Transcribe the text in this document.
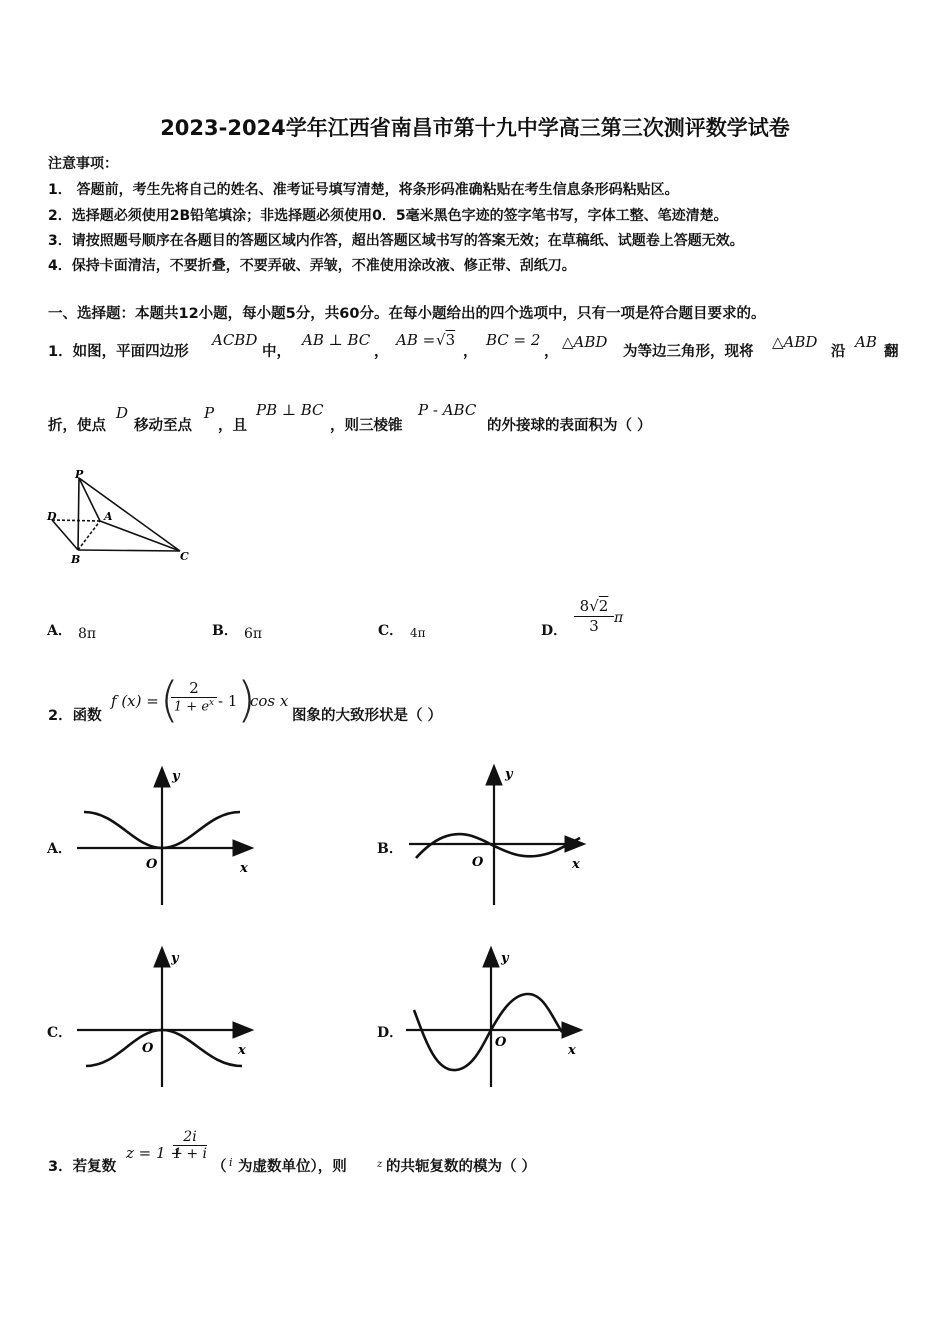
2023-2024学年江西省南昌市第十九中学高三第三次测评数学试卷
注意事项：
1． 答题前，考生先将自己的姓名、准考证号填写清楚，将条形码准确粘贴在考生信息条形码粘贴区。
2．选择题必须使用2B铅笔填涂；非选择题必须使用0．5毫米黑色字迹的签字笔书写，字体工整、笔迹清楚。
3．请按照题号顺序在各题目的答题区域内作答，超出答题区域书写的答案无效；在草稿纸、试题卷上答题无效。
4．保持卡面清洁，不要折叠，不要弄破、弄皱，不准使用涂改液、修正带、刮纸刀。
一、选择题：本题共12小题，每小题5分，共60分。在每小题给出的四个选项中，只有一项是符合题目要求的。
1．如图，平面四边形
ACBD
中，
AB ⊥ BC
，
AB = √3
，
BC = 2
，
△ABD
为等边三角形，现将
△ABD
沿
AB
翻
折，使点
D
移动至点
P
，且
PB ⊥ BC
，则三棱锥
P - ABC
的外接球的表面积为（ ）
P
D	A
B	C
A． 8π	B． 6π	C． 4π	D． $\frac{8√2}{3}$ π
2．函数
f (x) = (
$\frac{2}{1 + e^x} - 1$ )
cos x
图象的大致形状是（ ）
A．	B．
C．	D．
y
x
O
y
x
O
y
x
O
y
x
O
3．若复数
z = 1 +
$\frac{2i}{1 + i}$
（ i 为虚数单位），则	z 的共轭复数的模为（ ）
